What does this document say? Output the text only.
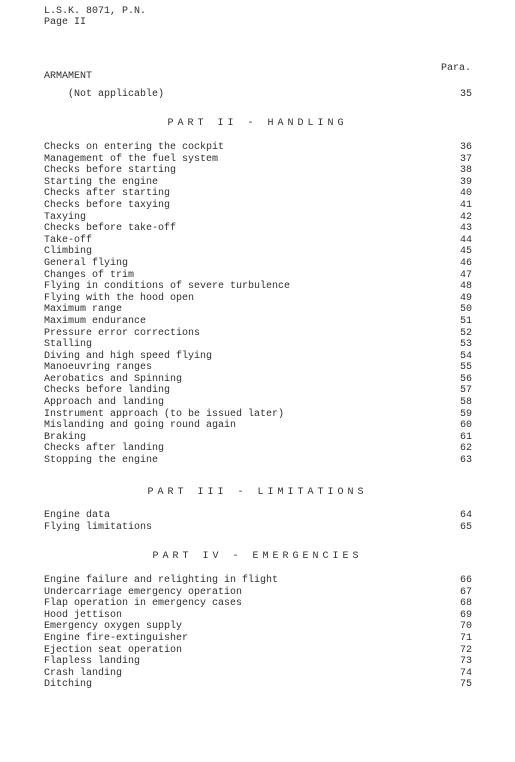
L.S.K. 8071, P.N.
Page II
Para.
ARMAMENT
(Not applicable)	35
PART II - HANDLING
Checks on entering the cockpit	36
Management of the fuel system	37
Checks before starting	38
Starting the engine	39
Checks after starting	40
Checks before taxying	41
Taxying	42
Checks before take-off	43
Take-off	44
Climbing	45
General flying	46
Changes of trim	47
Flying in conditions of severe turbulence	48
Flying with the hood open	49
Maximum range	50
Maximum endurance	51
Pressure error corrections	52
Stalling	53
Diving and high speed flying	54
Manoeuvring ranges	55
Aerobatics and Spinning	56
Checks before landing	57
Approach and landing	58
Instrument approach (to be issued later)	59
Mislanding and going round again	60
Braking	61
Checks after landing	62
Stopping the engine	63
PART III - LIMITATIONS
Engine data	64
Flying limitations	65
PART IV - EMERGENCIES
Engine failure and relighting in flight	66
Undercarriage emergency operation	67
Flap operation in emergency cases	68
Hood jettison	69
Emergency oxygen supply	70
Engine fire-extinguisher	71
Ejection seat operation	72
Flapless landing	73
Crash landing	74
Ditching	75
